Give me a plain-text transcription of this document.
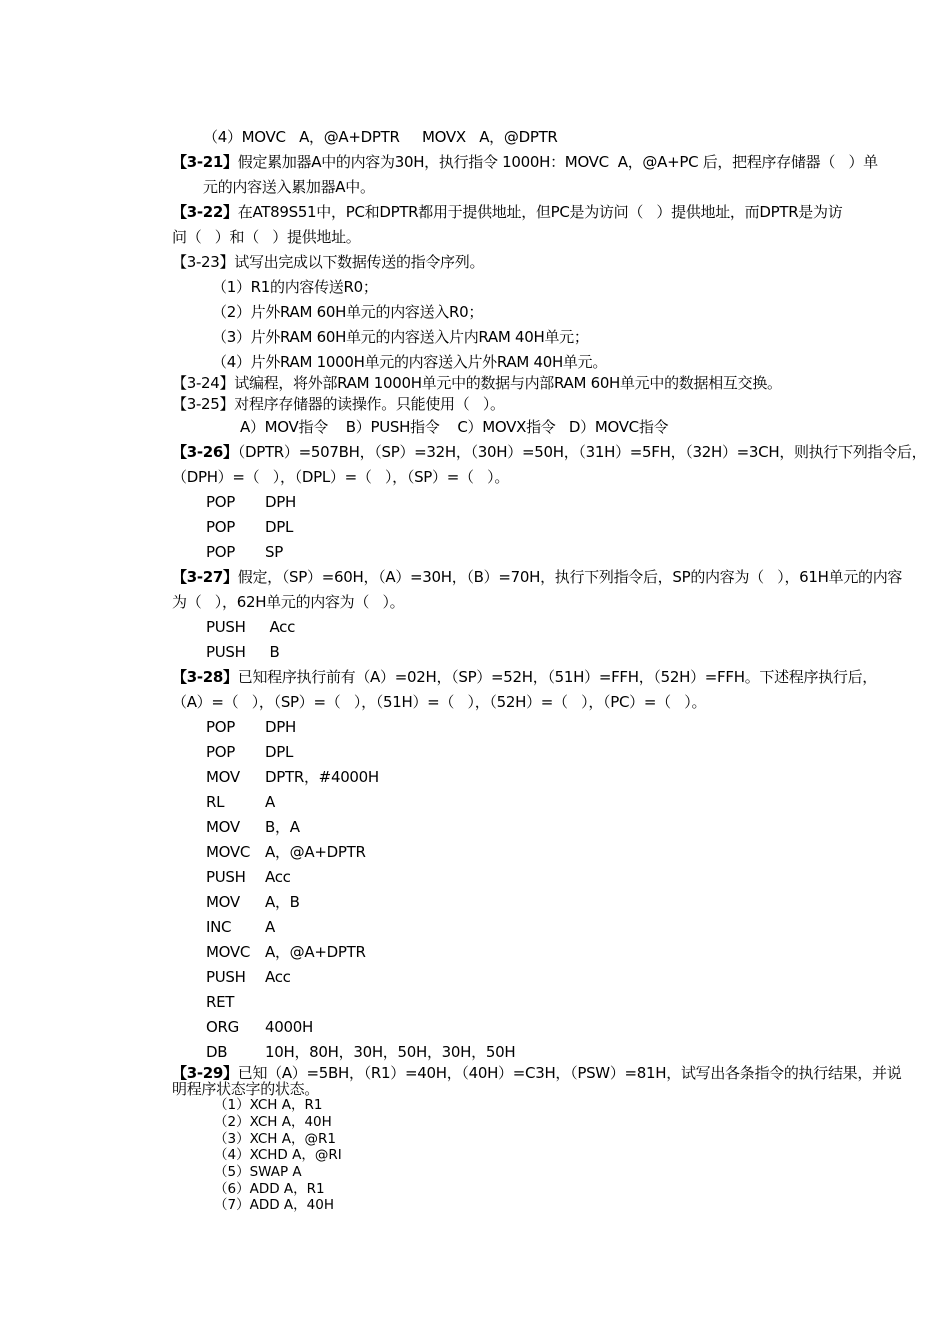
（4）MOVC   A，@A+DPTR     MOVX   A，@DPTR
【3-21】假定累加器A中的内容为30H，执行指令 1000H：MOVC  A，@A+PC 后，把程序存储器（   ）单
元的内容送入累加器A中。
【3-22】在AT89S51中，PC和DPTR都用于提供地址，但PC是为访问（   ）提供地址，而DPTR是为访
问（   ）和（   ）提供地址。
【3-23】试写出完成以下数据传送的指令序列。
（1）R1的内容传送R0；
（2）片外RAM 60H单元的内容送入R0；
（3）片外RAM 60H单元的内容送入片内RAM 40H单元；
（4）片外RAM 1000H单元的内容送入片外RAM 40H单元。
【3-24】试编程，将外部RAM 1000H单元中的数据与内部RAM 60H单元中的数据相互交换。
【3-25】对程序存储器的读操作。只能使用（   ）。
A）MOV指令    B）PUSH指令    C）MOVX指令   D）MOVC指令
【3-26】（DPTR）=507BH，（SP）=32H，（30H）=50H，（31H）=5FH，（32H）=3CH，则执行下列指令后，
（DPH）=（   ），（DPL）=（   ），（SP）=（   ）。
POP DPH
POP DPL
POP SP
【3-27】假定，（SP）=60H，（A）=30H，（B）=70H，执行下列指令后，SP的内容为（   ），61H单元的内容
为（   ），62H单元的内容为（   ）。
PUSH Acc
PUSH B
【3-28】已知程序执行前有（A）=02H，（SP）=52H，（51H）=FFH，（52H）=FFH。下述程序执行后，
（A）=（   ），（SP）=（   ），（51H）=（   ），（52H）=（   ），（PC）=（   ）。
POP DPH
POP DPL
MOV DPTR，#4000H
RL	A
MOV B，A
MOVC A，@A+DPTR
PUSH Acc
MOV A，B
INC A
MOVC A，@A+DPTR
PUSH Acc
RET
ORG 4000H
DB	10H，80H，30H，50H，30H，50H
【3-29】已知（A）=5BH，（R1）=40H，（40H）=C3H，（PSW）=81H，试写出各条指令的执行结果，并说
明程序状态字的状态。
（1）XCH A，R1
（2）XCH A，40H
（3）XCH A，@R1
（4）XCHD A，@RI
（5）SWAP A
（6）ADD A，R1
（7）ADD A，40H
